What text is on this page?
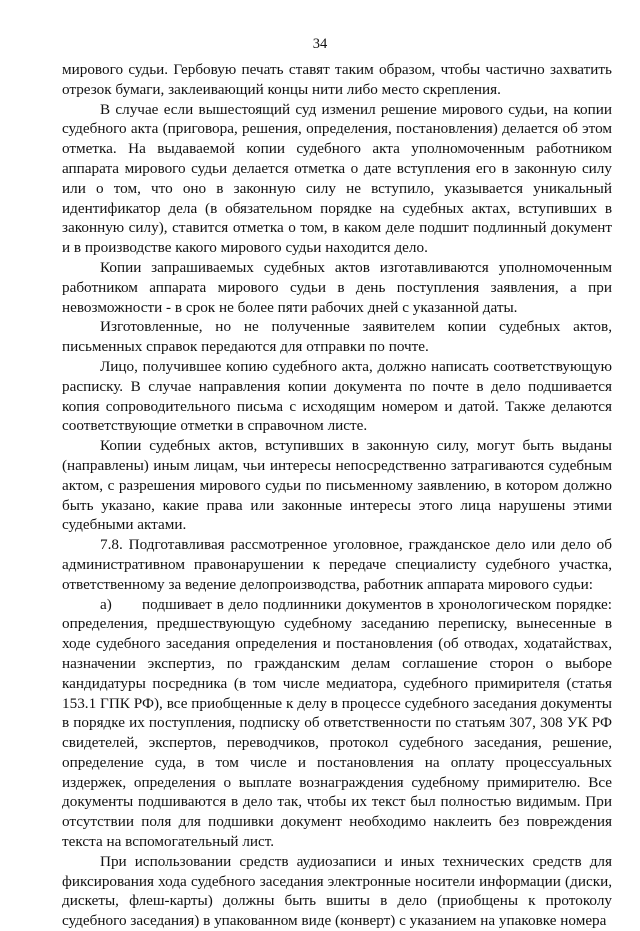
34

мирового судьи. Гербовую печать ставят таким образом, чтобы частично захватить отрезок бумаги, заклеивающий концы нити либо место скрепления.

В случае если вышестоящий суд изменил решение мирового судьи, на копии судебного акта (приговора, решения, определения, постановления) делается об этом отметка. На выдаваемой копии судебного акта уполномоченным работником аппарата мирового судьи делается отметка о дате вступления его в законную силу или о том, что оно в законную силу не вступило, указывается уникальный идентификатор дела (в обязательном порядке на судебных актах, вступивших в законную силу), ставится отметка о том, в каком деле подшит подлинный документ и в производстве какого мирового судьи находится дело.

Копии запрашиваемых судебных актов изготавливаются уполномоченным работником аппарата мирового судьи в день поступления заявления, а при невозможности - в срок не более пяти рабочих дней с указанной даты.

Изготовленные, но не полученные заявителем копии судебных актов, письменных справок передаются для отправки по почте.

Лицо, получившее копию судебного акта, должно написать соответствующую расписку. В случае направления копии документа по почте в дело подшивается копия сопроводительного письма с исходящим номером и датой. Также делаются соответствующие отметки в справочном листе.

Копии судебных актов, вступивших в законную силу, могут быть выданы (направлены) иным лицам, чьи интересы непосредственно затрагиваются судебным актом, с разрешения мирового судьи по письменному заявлению, в котором должно быть указано, какие права или законные интересы этого лица нарушены этими судебными актами.

7.8. Подготавливая рассмотренное уголовное, гражданское дело или дело об административном правонарушении к передаче специалисту судебного участка, ответственному за ведение делопроизводства, работник аппарата мирового судьи:

а) подшивает в дело подлинники документов в хронологическом порядке: определения, предшествующую судебному заседанию переписку, вынесенные в ходе судебного заседания определения и постановления (об отводах, ходатайствах, назначении экспертиз, по гражданским делам соглашение сторон о выборе кандидатуры посредника (в том числе медиатора, судебного примирителя (статья 153.1 ГПК РФ), все приобщенные к делу в процессе судебного заседания документы в порядке их поступления, подписку об ответственности по статьям 307, 308 УК РФ свидетелей, экспертов, переводчиков, протокол судебного заседания, решение, определение суда, в том числе и постановления на оплату процессуальных издержек, определения о выплате вознаграждения судебному примирителю. Все документы подшиваются в дело так, чтобы их текст был полностью видимым. При отсутствии поля для подшивки документ необходимо наклеить без повреждения текста на вспомогательный лист.

При использовании средств аудиозаписи и иных технических средств для фиксирования хода судебного заседания электронные носители информации (диски, дискеты, флеш-карты) должны быть вшиты в дело (приобщены к протоколу судебного заседания) в упакованном виде (конверт) с указанием на упаковке номера
